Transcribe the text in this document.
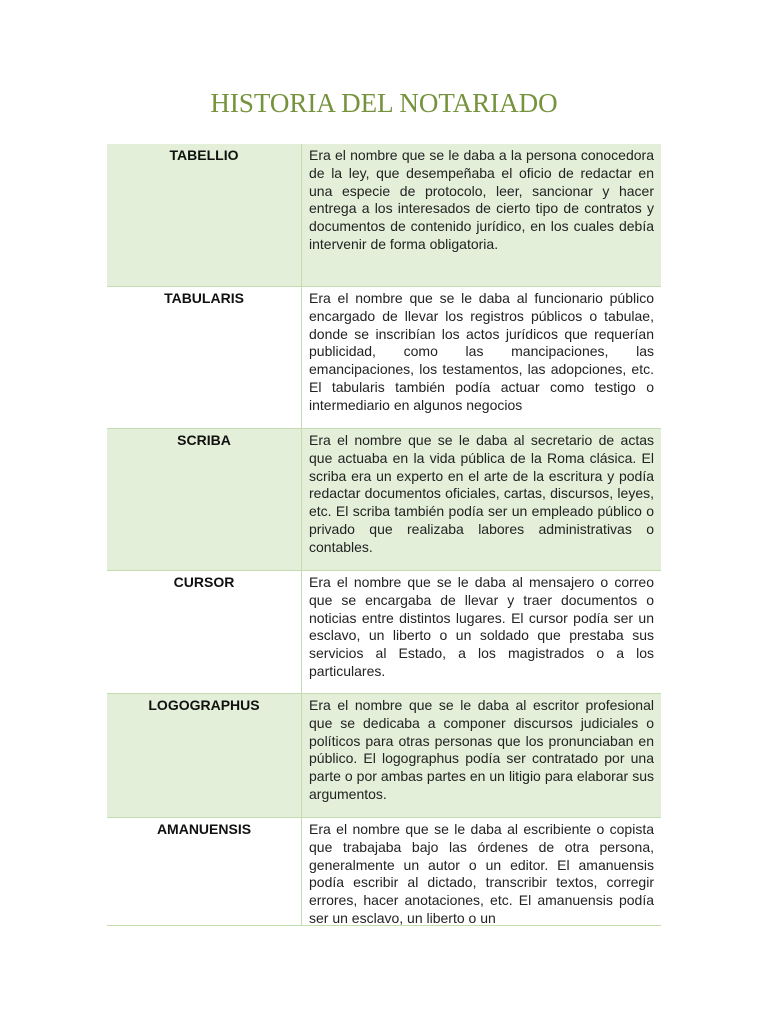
HISTORIA DEL NOTARIADO
TABELLIO	Era el nombre que se le daba a la persona conocedora de la ley, que desempeñaba el oficio de redactar en una especie de protocolo, leer, sancionar y hacer entrega a los interesados de cierto tipo de contratos y documentos de contenido jurídico, en los cuales debía intervenir de forma obligatoria.
TABULARIS	Era el nombre que se le daba al funcionario público encargado de llevar los registros públicos o tabulae, donde se inscribían los actos jurídicos que requerían publicidad, como las mancipaciones, las emancipaciones, los testamentos, las adopciones, etc. El tabularis también podía actuar como testigo o intermediario en algunos negocios
SCRIBA	Era el nombre que se le daba al secretario de actas que actuaba en la vida pública de la Roma clásica. El scriba era un experto en el arte de la escritura y podía redactar documentos oficiales, cartas, discursos, leyes, etc. El scriba también podía ser un empleado público o privado que realizaba labores administrativas o contables.
CURSOR	Era el nombre que se le daba al mensajero o correo que se encargaba de llevar y traer documentos o noticias entre distintos lugares. El cursor podía ser un esclavo, un liberto o un soldado que prestaba sus servicios al Estado, a los magistrados o a los particulares.
LOGOGRAPHUS	Era el nombre que se le daba al escritor profesional que se dedicaba a componer discursos judiciales o políticos para otras personas que los pronunciaban en público. El logographus podía ser contratado por una parte o por ambas partes en un litigio para elaborar sus argumentos.
AMANUENSIS	Era el nombre que se le daba al escribiente o copista que trabajaba bajo las órdenes de otra persona, generalmente un autor o un editor. El amanuensis podía escribir al dictado, transcribir textos, corregir errores, hacer anotaciones, etc. El amanuensis podía ser un esclavo, un liberto o un
